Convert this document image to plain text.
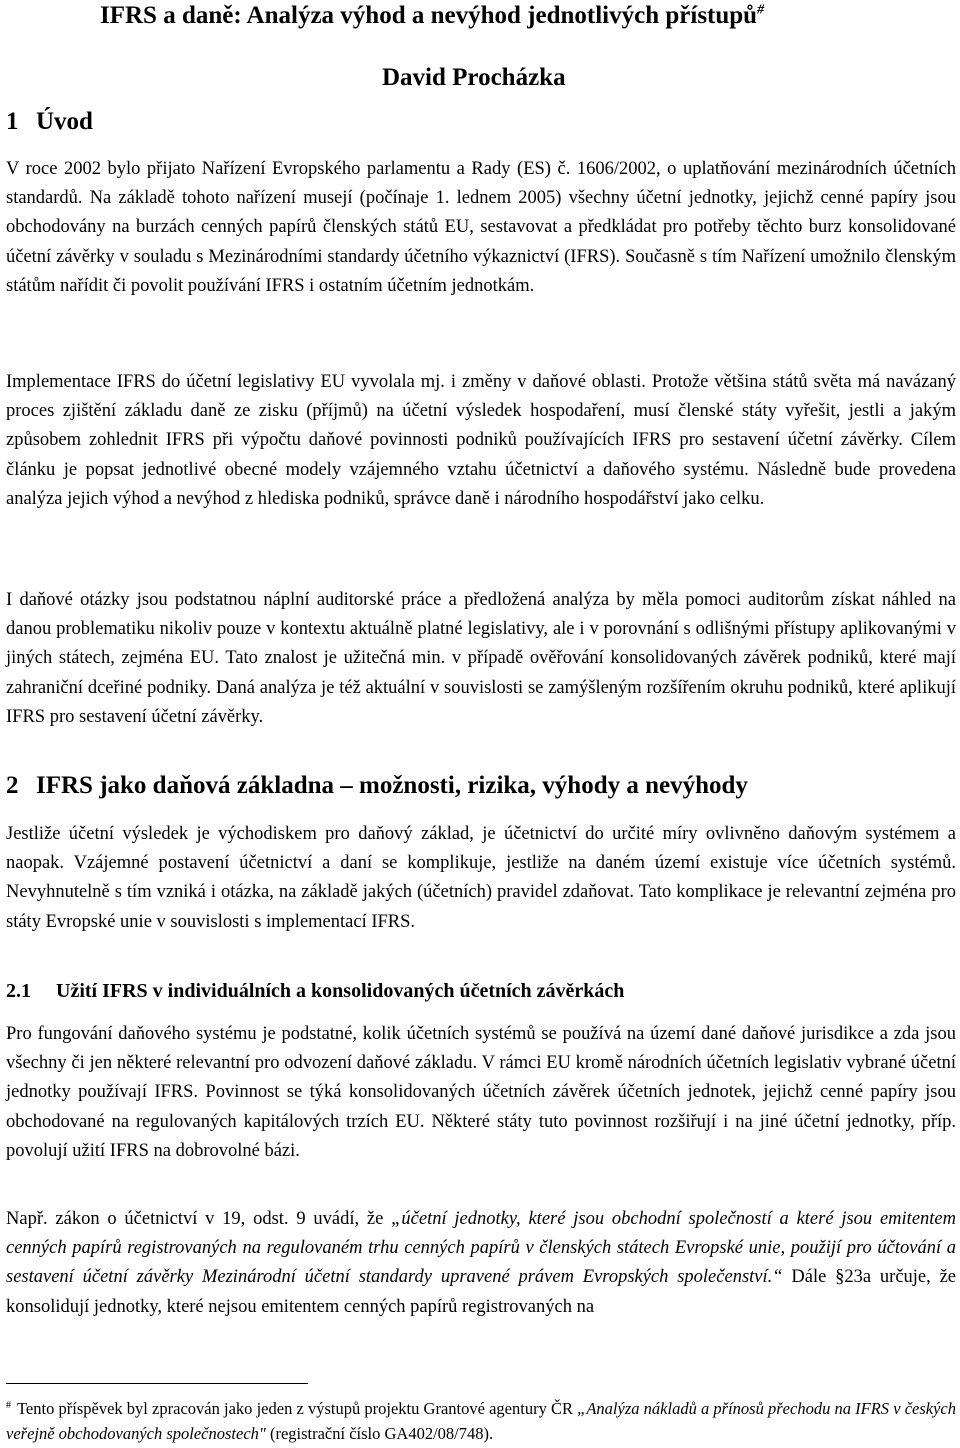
IFRS a daně: Analýza výhod a nevýhod jednotlivých přístupů#
David Procházka
1 Úvod
V roce 2002 bylo přijato Nařízení Evropského parlamentu a Rady (ES) č. 1606/2002, o uplatňování mezinárodních účetních standardů. Na základě tohoto nařízení musejí (počínaje 1. lednem 2005) všechny účetní jednotky, jejichž cenné papíry jsou obchodovány na burzách cenných papírů členských států EU, sestavovat a předkládat pro potřeby těchto burz konsolidované účetní závěrky v souladu s Mezinárodními standardy účetního výkaznictví (IFRS). Současně s tím Nařízení umožnilo členským státům nařídit či povolit používání IFRS i ostatním účetním jednotkám.
Implementace IFRS do účetní legislativy EU vyvolala mj. i změny v daňové oblasti. Protože většina států světa má navázaný proces zjištění základu daně ze zisku (příjmů) na účetní výsledek hospodaření, musí členské státy vyřešit, jestli a jakým způsobem zohlednit IFRS při výpočtu daňové povinnosti podniků používajících IFRS pro sestavení účetní závěrky. Cílem článku je popsat jednotlivé obecné modely vzájemného vztahu účetnictví a daňového systému. Následně bude provedena analýza jejich výhod a nevýhod z hlediska podniků, správce daně i národního hospodářství jako celku.
I daňové otázky jsou podstatnou náplní auditorské práce a předložená analýza by měla pomoci auditorům získat náhled na danou problematiku nikoliv pouze v kontextu aktuálně platné legislativy, ale i v porovnání s odlišnými přístupy aplikovanými v jiných státech, zejména EU. Tato znalost je užitečná min. v případě ověřování konsolidovaných závěrek podniků, které mají zahraniční dceřiné podniky. Daná analýza je též aktuální v souvislosti se zamýšleným rozšířením okruhu podniků, které aplikují IFRS pro sestavení účetní závěrky.
2 IFRS jako daňová základna – možnosti, rizika, výhody a nevýhody
Jestliže účetní výsledek je východiskem pro daňový základ, je účetnictví do určité míry ovlivněno daňovým systémem a naopak. Vzájemné postavení účetnictví a daní se komplikuje, jestliže na daném území existuje více účetních systémů. Nevyhnutelně s tím vzniká i otázka, na základě jakých (účetních) pravidel zdaňovat. Tato komplikace je relevantní zejména pro státy Evropské unie v souvislosti s implementací IFRS.
2.1 Užití IFRS v individuálních a konsolidovaných účetních závěrkách
Pro fungování daňového systému je podstatné, kolik účetních systémů se používá na území dané daňové jurisdikce a zda jsou všechny či jen některé relevantní pro odvození daňové základu. V rámci EU kromě národních účetních legislativ vybrané účetní jednotky používají IFRS. Povinnost se týká konsolidovaných účetních závěrek účetních jednotek, jejichž cenné papíry jsou obchodované na regulovaných kapitálových trzích EU. Některé státy tuto povinnost rozšiřují i na jiné účetní jednotky, příp. povolují užití IFRS na dobrovolné bázi.
Např. zákon o účetnictví v 19, odst. 9 uvádí, že „účetní jednotky, které jsou obchodní společností a které jsou emitentem cenných papírů registrovaných na regulovaném trhu cenných papírů v členských státech Evropské unie, použijí pro účtování a sestavení účetní závěrky Mezinárodní účetní standardy upravené právem Evropských společenství.“ Dále §23a určuje, že konsolidují jednotky, které nejsou emitentem cenných papírů registrovaných na
# Tento příspěvek byl zpracován jako jeden z výstupů projektu Grantové agentury ČR „Analýza nákladů a přínosů přechodu na IFRS v českých veřejně obchodovaných společnostech" (registrační číslo GA402/08/748).
